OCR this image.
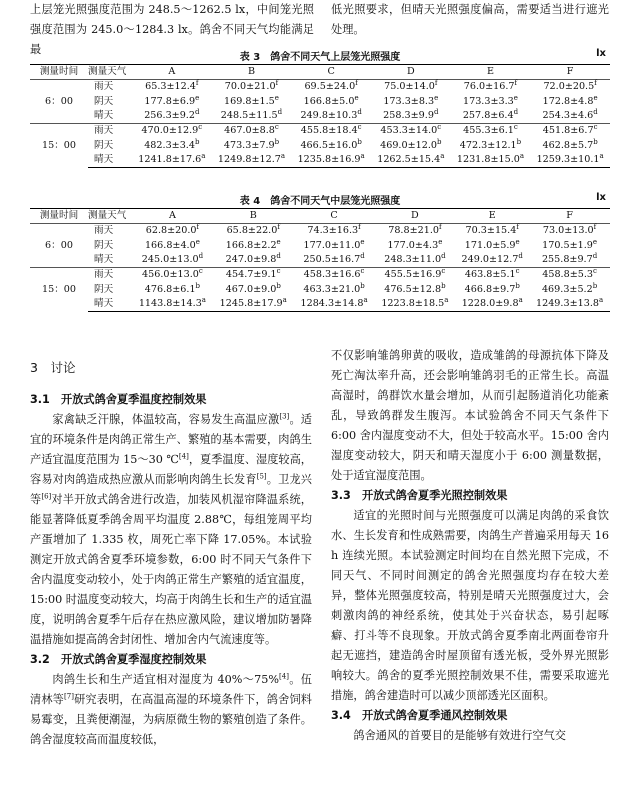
上层笼光照强度范围为 248.5～1262.5 lx，中间笼光照强度范围为 245.0～1284.3 lx。鸽舍不同天气均能满足最

低光照要求，但晴天光照强度偏高，需要适当进行遮光处理。

表 3　鸽舍不同天气上层笼光照强度	lx
测量时间	测量天气	A	B	C	D	E	F
6：00	雨天	65.3±12.4$^f$	70.0±21.0$^f$	69.5±24.0$^f$	75.0±14.0$^f$	76.0±16.7$^f$	72.0±20.5$^f$
	阴天	177.8±6.9$^e$	169.8±1.5$^e$	166.8±5.0$^e$	173.3±8.3$^e$	173.3±3.3$^e$	172.8±4.8$^e$
	晴天	256.3±9.2$^d$	248.5±11.5$^d$	249.8±10.3$^d$	258.3±9.9$^d$	257.8±6.4$^d$	254.3±4.6$^d$
15：00	雨天	470.0±12.9$^c$	467.0±8.8$^c$	455.8±18.4$^c$	453.3±14.0$^c$	455.3±6.1$^c$	451.8±6.7$^c$
	阴天	482.3±3.4$^b$	473.3±7.9$^b$	466.5±16.0$^b$	469.0±12.0$^b$	472.3±12.1$^b$	462.8±5.7$^b$
	晴天	1241.8±17.6$^a$	1249.8±12.7$^a$	1235.8±16.9$^a$	1262.5±15.4$^a$	1231.8±15.0$^a$	1259.3±10.1$^a$
表 4　鸽舍不同天气中层笼光照强度	lx
测量时间	测量天气	A	B	C	D	E	F
6：00	雨天	62.8±20.0$^f$	65.8±22.0$^f$	74.3±16.3$^f$	78.8±21.0$^f$	70.3±15.4$^f$	73.0±13.0$^f$
	阴天	166.8±4.0$^e$	166.8±2.2$^e$	177.0±11.0$^e$	177.0±4.3$^e$	171.0±5.9$^e$	170.5±1.9$^e$
	晴天	245.0±13.0$^d$	247.0±9.8$^d$	250.5±16.7$^d$	248.3±11.0$^d$	249.0±12.7$^d$	255.8±9.7$^d$
15：00	雨天	456.0±13.0$^c$	454.7±9.1$^c$	458.3±16.6$^c$	455.5±16.9$^c$	463.8±5.1$^c$	458.8±5.3$^c$
	阴天	476.8±6.1$^b$	467.0±9.0$^b$	463.3±21.0$^b$	476.5±12.8$^b$	466.8±9.7$^b$	469.3±5.2$^b$
	晴天	1143.8±14.3$^a$	1245.8±17.9$^a$	1284.3±14.8$^a$	1223.8±18.5$^a$	1228.0±9.8$^a$	1249.3±13.8$^a$

3　讨论

3.1　开放式鸽舍夏季温度控制效果

家禽缺乏汗腺，体温较高，容易发生高温应激[3]。适宜的环境条件是肉鸽正常生产、繁殖的基本需要，肉鸽生产适宜温度范围为 15～30 ℃[4]，夏季温度、湿度较高，容易对肉鸽造成热应激从而影响肉鸽生长发育[5]。卫龙兴等[6]对半开放式鸽舍进行改造，加装风机湿帘降温系统，能显著降低夏季鸽舍周平均温度 2.88℃，每组笼周平均产蛋增加了 1.335 枚，周死亡率下降 17.05%。本试验测定开放式鸽舍夏季环境参数，6:00 时不同天气条件下舍内温度变动较小，处于肉鸽正常生产繁殖的适宜温度，15:00 时温度变动较大，均高于肉鸽生长和生产的适宜温度，说明鸽舍夏季午后存在热应激风险，建议增加防暑降温措施如提高鸽舍封闭性、增加舍内气流速度等。

3.2　开放式鸽舍夏季湿度控制效果

肉鸽生长和生产适宜相对湿度为 40%～75%[4]。伍清林等[7]研究表明，在高温高湿的环境条件下，鸽舍饲料易霉变，且粪便潮湿，为病原微生物的繁殖创造了条件。鸽舍湿度较高而温度较低，

不仅影响雏鸽卵黄的吸收，造成雏鸽的母源抗体下降及死亡淘汰率升高，还会影响雏鸽羽毛的正常生长。高温高湿时，鸽群饮水量会增加，从而引起肠道消化功能紊乱，导致鸽群发生腹泻。本试验鸽舍不同天气条件下 6:00 舍内湿度变动不大，但处于较高水平。15:00 舍内湿度变动较大，阴天和晴天湿度小于 6:00 测量数据，处于适宜湿度范围。

3.3　开放式鸽舍夏季光照控制效果

适宜的光照时间与光照强度可以满足肉鸽的采食饮水、生长发育和性成熟需要，肉鸽生产普遍采用每天 16 h 连续光照。本试验测定时间均在自然光照下完成，不同天气、不同时间测定的鸽舍光照强度均存在较大差异，整体光照强度较高，特别是晴天光照强度过大，会刺激肉鸽的神经系统，使其处于兴奋状态，易引起啄癖、打斗等不良现象。开放式鸽舍夏季南北两面卷帘升起无遮挡，建造鸽舍时屋顶留有透光板，受外界光照影响较大。鸽舍的夏季光照控制效果不佳，需要采取遮光措施，鸽舍建造时可以减少顶部透光区面积。

3.4　开放式鸽舍夏季通风控制效果

鸽舍通风的首要目的是能够有效进行空气交
